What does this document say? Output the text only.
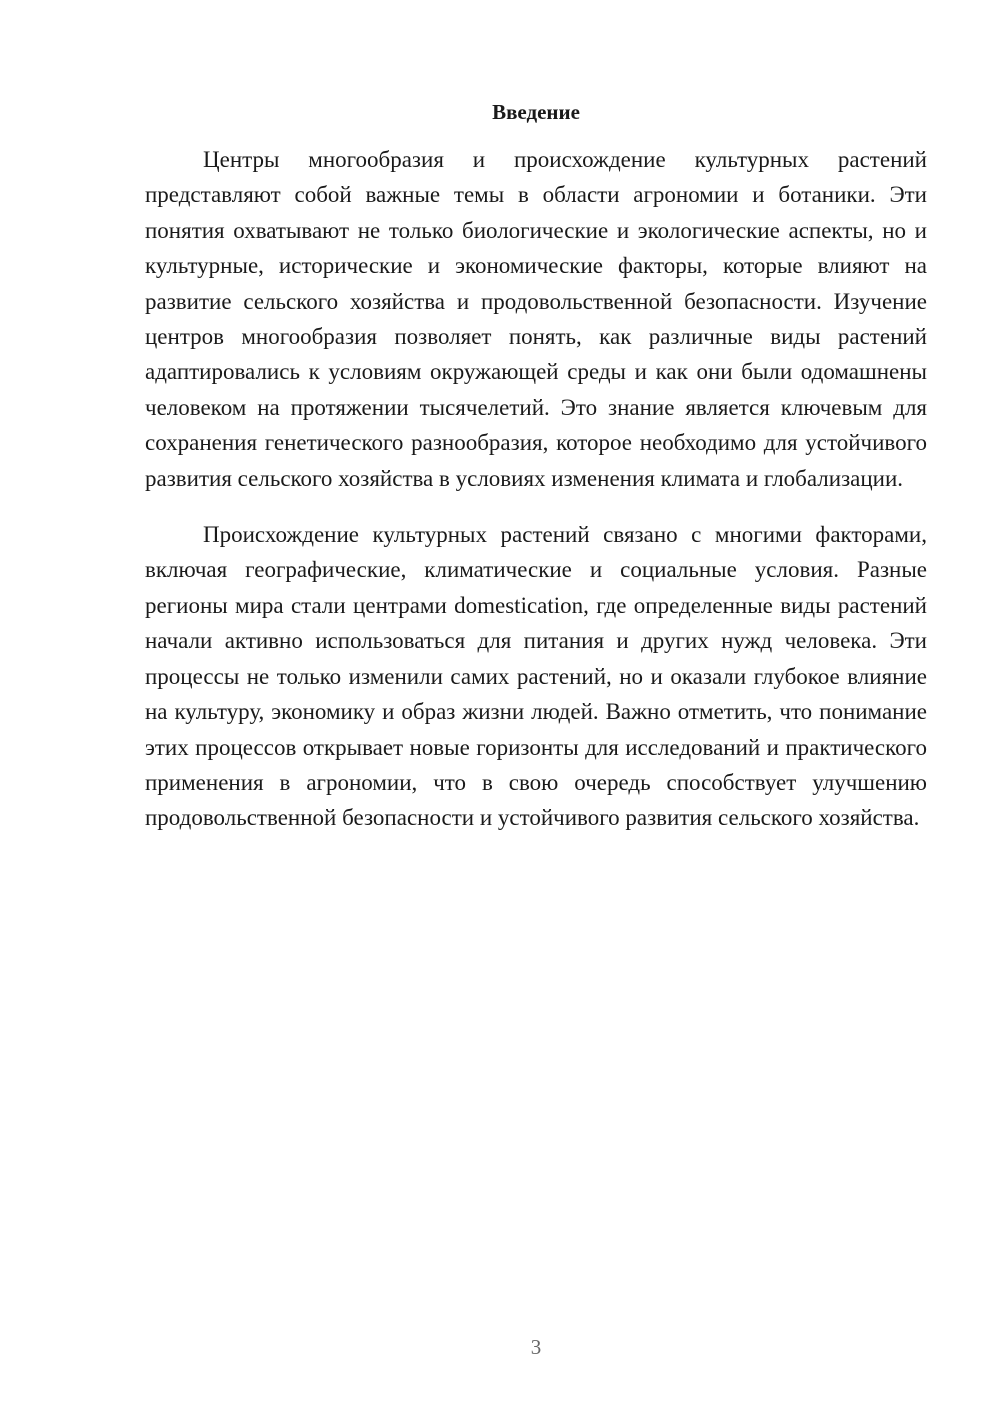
Введение

Центры многообразия и происхождение культурных растений представляют собой важные темы в области агрономии и ботаники. Эти понятия охватывают не только биологические и экологические аспекты, но и культурные, исторические и экономические факторы, которые влияют на развитие сельского хозяйства и продовольственной безопасности. Изучение центров многообразия позволяет понять, как различные виды растений адаптировались к условиям окружающей среды и как они были одомашнены человеком на протяжении тысячелетий. Это знание является ключевым для сохранения генетического разнообразия, которое необходимо для устойчивого развития сельского хозяйства в условиях изменения климата и глобализации.

Происхождение культурных растений связано с многими факторами, включая географические, климатические и социальные условия. Разные регионы мира стали центрами domestication, где определенные виды растений начали активно использоваться для питания и других нужд человека. Эти процессы не только изменили самих растений, но и оказали глубокое влияние на культуру, экономику и образ жизни людей. Важно отметить, что понимание этих процессов открывает новые горизонты для исследований и практического применения в агрономии, что в свою очередь способствует улучшению продовольственной безопасности и устойчивого развития сельского хозяйства.

3
